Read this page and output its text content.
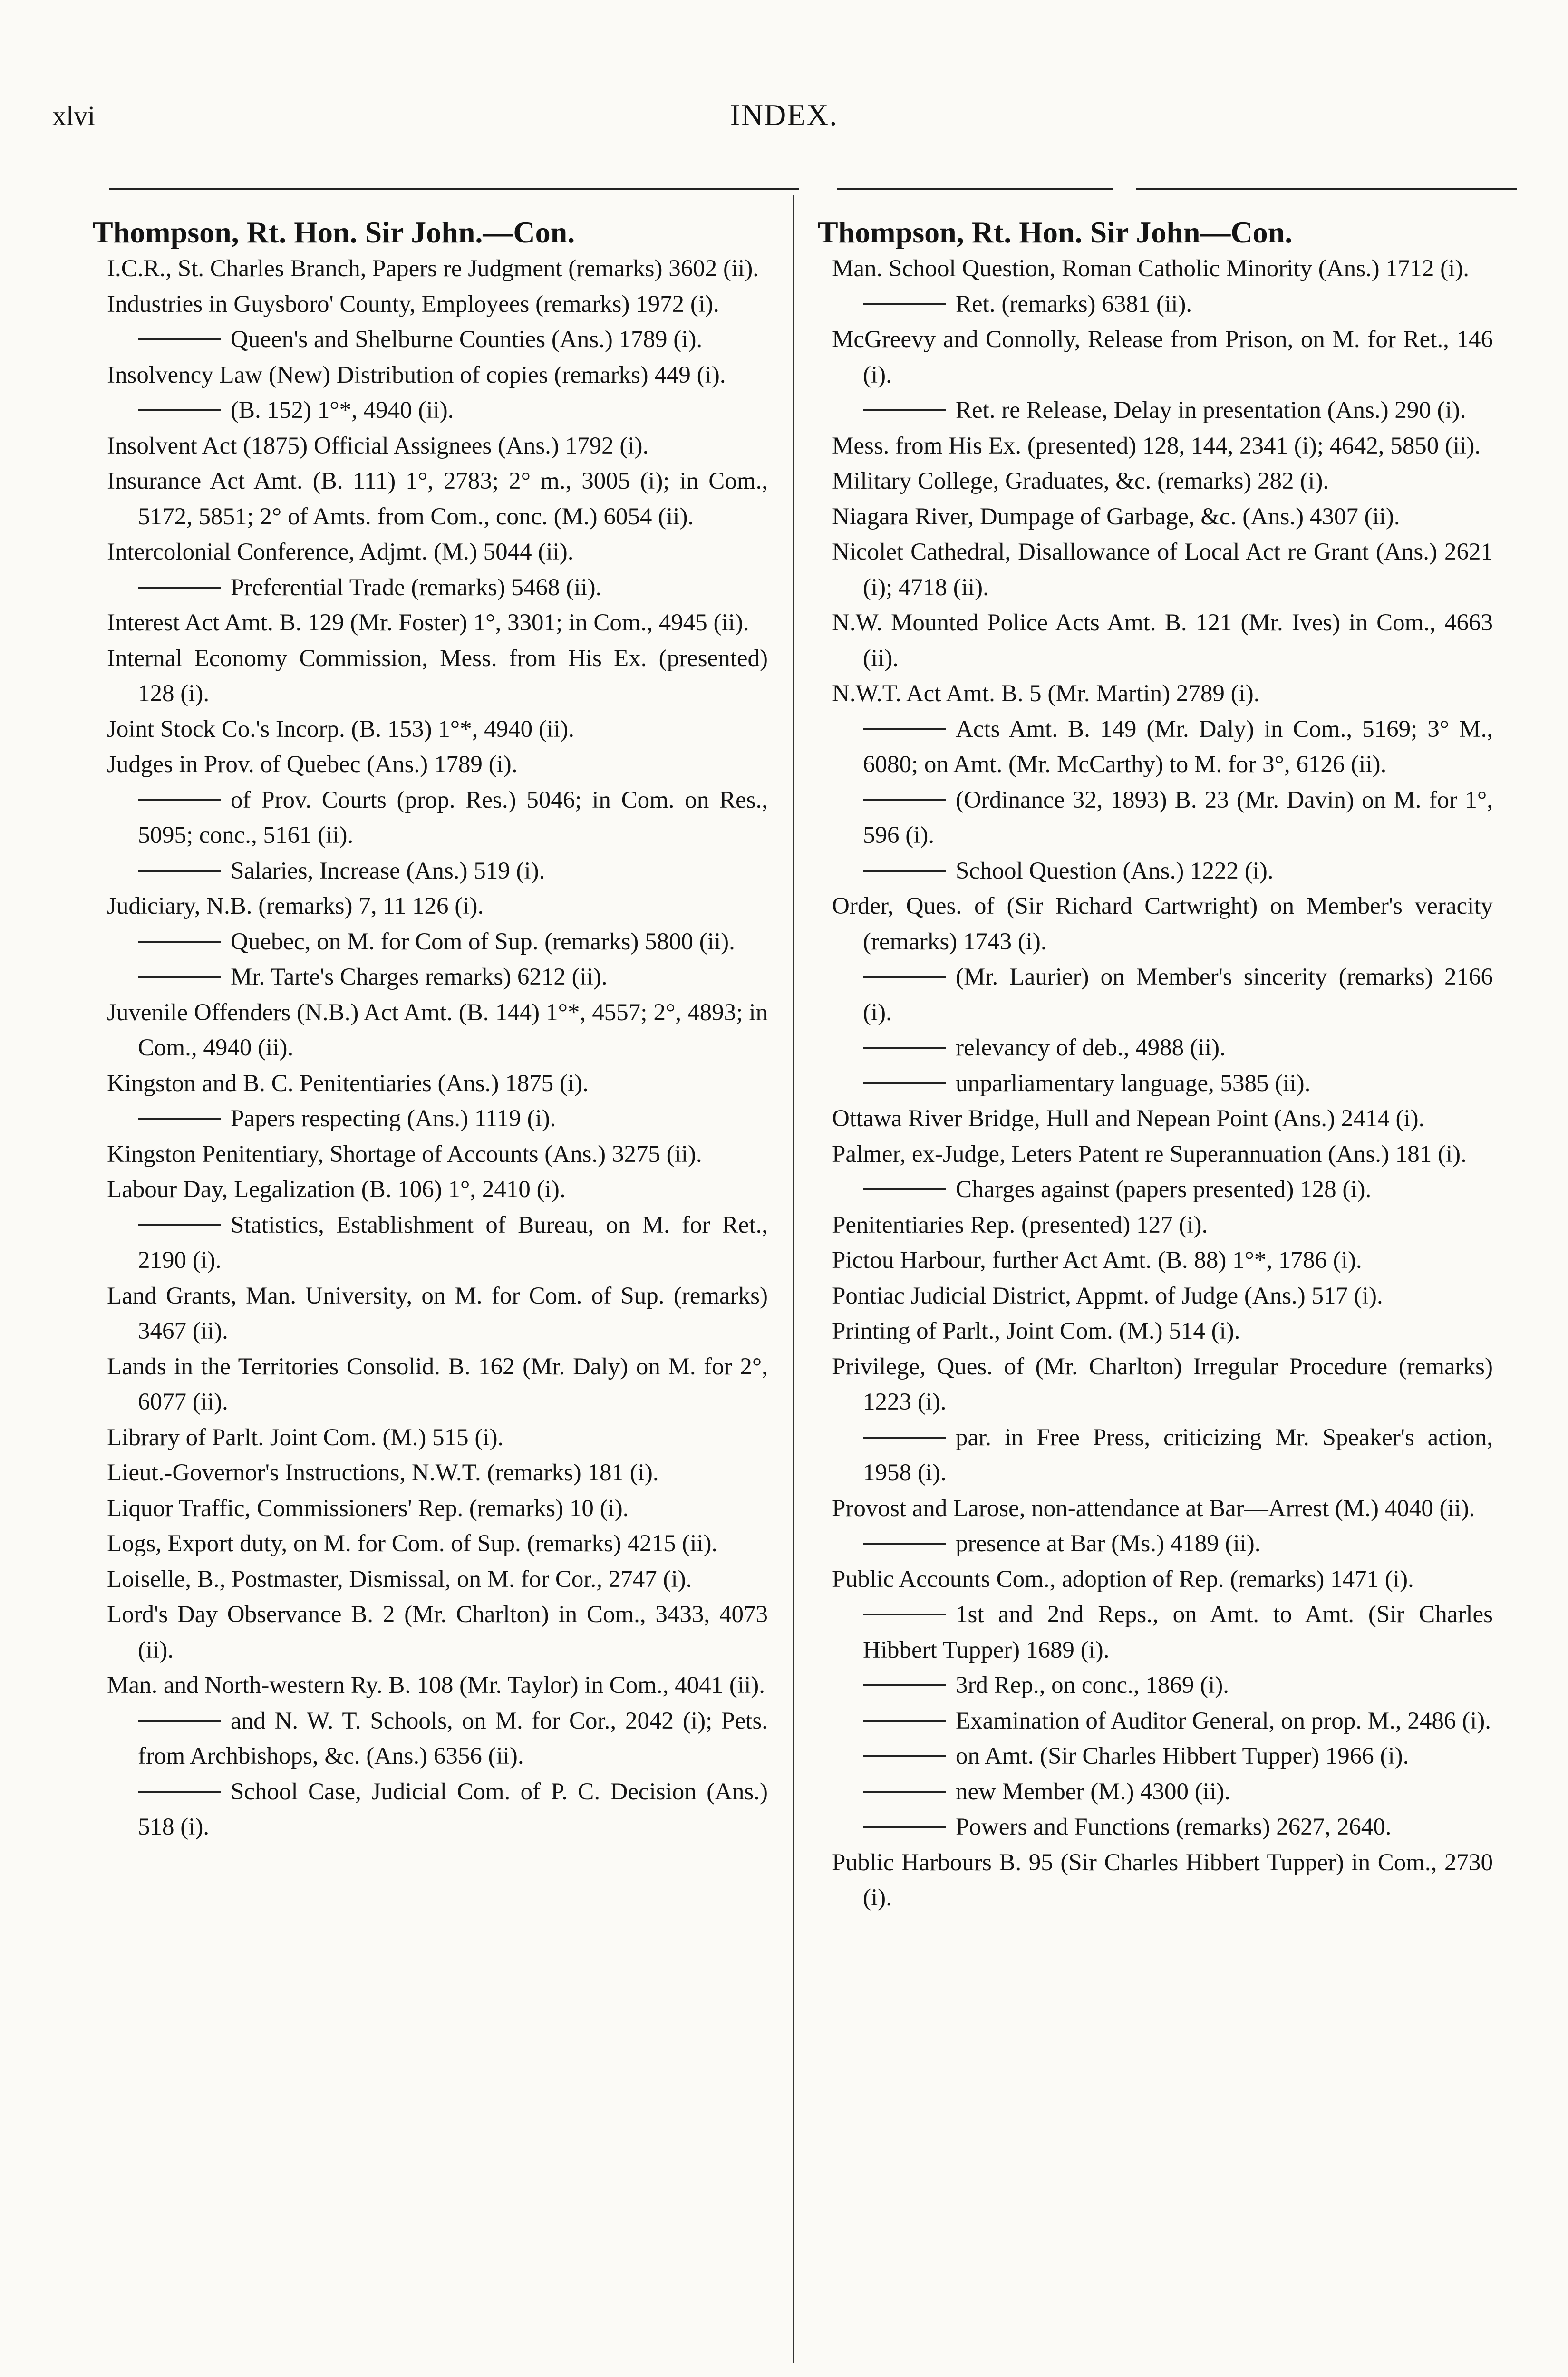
xlvi	INDEX.
Thompson, Rt. Hon. Sir John.—Con.

I.C.R., St. Charles Branch, Papers re Judgment (remarks) 3602 (ii).

Industries in Guysboro' County, Employees (remarks) 1972 (i).

Queen's and Shelburne Counties (Ans.) 1789 (i).

Insolvency Law (New) Distribution of copies (remarks) 449 (i).

(B. 152) 1°*, 4940 (ii).

Insolvent Act (1875) Official Assignees (Ans.) 1792 (i).

Insurance Act Amt. (B. 111) 1°, 2783; 2° m., 3005 (i); in Com., 5172, 5851; 2° of Amts. from Com., conc. (M.) 6054 (ii).

Intercolonial Conference, Adjmt. (M.) 5044 (ii).

Preferential Trade (remarks) 5468 (ii).

Interest Act Amt. B. 129 (Mr. Foster) 1°, 3301; in Com., 4945 (ii).

Internal Economy Commission, Mess. from His Ex. (presented) 128 (i).

Joint Stock Co.'s Incorp. (B. 153) 1°*, 4940 (ii).

Judges in Prov. of Quebec (Ans.) 1789 (i).

of Prov. Courts (prop. Res.) 5046; in Com. on Res., 5095; conc., 5161 (ii).

Salaries, Increase (Ans.) 519 (i).

Judiciary, N.B. (remarks) 7, 11 126 (i).

Quebec, on M. for Com of Sup. (remarks) 5800 (ii).

Mr. Tarte's Charges remarks) 6212 (ii).

Juvenile Offenders (N.B.) Act Amt. (B. 144) 1°*, 4557; 2°, 4893; in Com., 4940 (ii).

Kingston and B. C. Penitentiaries (Ans.) 1875 (i).

Papers respecting (Ans.) 1119 (i).

Kingston Penitentiary, Shortage of Accounts (Ans.) 3275 (ii).

Labour Day, Legalization (B. 106) 1°, 2410 (i).

Statistics, Establishment of Bureau, on M. for Ret., 2190 (i).

Land Grants, Man. University, on M. for Com. of Sup. (remarks) 3467 (ii).

Lands in the Territories Consolid. B. 162 (Mr. Daly) on M. for 2°, 6077 (ii).

Library of Parlt. Joint Com. (M.) 515 (i).

Lieut.-Governor's Instructions, N.W.T. (remarks) 181 (i).

Liquor Traffic, Commissioners' Rep. (remarks) 10 (i).

Logs, Export duty, on M. for Com. of Sup. (remarks) 4215 (ii).

Loiselle, B., Postmaster, Dismissal, on M. for Cor., 2747 (i).

Lord's Day Observance B. 2 (Mr. Charlton) in Com., 3433, 4073 (ii).

Man. and North-western Ry. B. 108 (Mr. Taylor) in Com., 4041 (ii).

and N. W. T. Schools, on M. for Cor., 2042 (i); Pets. from Archbishops, &c. (Ans.) 6356 (ii).

School Case, Judicial Com. of P. C. Decision (Ans.) 518 (i).

Thompson, Rt. Hon. Sir John—Con.

Man. School Question, Roman Catholic Minority (Ans.) 1712 (i).

Ret. (remarks) 6381 (ii).

McGreevy and Connolly, Release from Prison, on M. for Ret., 146 (i).

Ret. re Release, Delay in presentation (Ans.) 290 (i).

Mess. from His Ex. (presented) 128, 144, 2341 (i); 4642, 5850 (ii).

Military College, Graduates, &c. (remarks) 282 (i).

Niagara River, Dumpage of Garbage, &c. (Ans.) 4307 (ii).

Nicolet Cathedral, Disallowance of Local Act re Grant (Ans.) 2621 (i); 4718 (ii).

N.W. Mounted Police Acts Amt. B. 121 (Mr. Ives) in Com., 4663 (ii).

N.W.T. Act Amt. B. 5 (Mr. Martin) 2789 (i).

Acts Amt. B. 149 (Mr. Daly) in Com., 5169; 3° M., 6080; on Amt. (Mr. McCarthy) to M. for 3°, 6126 (ii).

(Ordinance 32, 1893) B. 23 (Mr. Davin) on M. for 1°, 596 (i).

School Question (Ans.) 1222 (i).

Order, Ques. of (Sir Richard Cartwright) on Member's veracity (remarks) 1743 (i).

(Mr. Laurier) on Member's sincerity (remarks) 2166 (i).

relevancy of deb., 4988 (ii).

unparliamentary language, 5385 (ii).

Ottawa River Bridge, Hull and Nepean Point (Ans.) 2414 (i).

Palmer, ex-Judge, Leters Patent re Superannuation (Ans.) 181 (i).

Charges against (papers presented) 128 (i).

Penitentiaries Rep. (presented) 127 (i).

Pictou Harbour, further Act Amt. (B. 88) 1°*, 1786 (i).

Pontiac Judicial District, Appmt. of Judge (Ans.) 517 (i).

Printing of Parlt., Joint Com. (M.) 514 (i).

Privilege, Ques. of (Mr. Charlton) Irregular Procedure (remarks) 1223 (i).

par. in Free Press, criticizing Mr. Speaker's action, 1958 (i).

Provost and Larose, non-attendance at Bar—Arrest (M.) 4040 (ii).

presence at Bar (Ms.) 4189 (ii).

Public Accounts Com., adoption of Rep. (remarks) 1471 (i).

1st and 2nd Reps., on Amt. to Amt. (Sir Charles Hibbert Tupper) 1689 (i).

3rd Rep., on conc., 1869 (i).

Examination of Auditor General, on prop. M., 2486 (i).

on Amt. (Sir Charles Hibbert Tupper) 1966 (i).

new Member (M.) 4300 (ii).

Powers and Functions (remarks) 2627, 2640.

Public Harbours B. 95 (Sir Charles Hibbert Tupper) in Com., 2730 (i).
